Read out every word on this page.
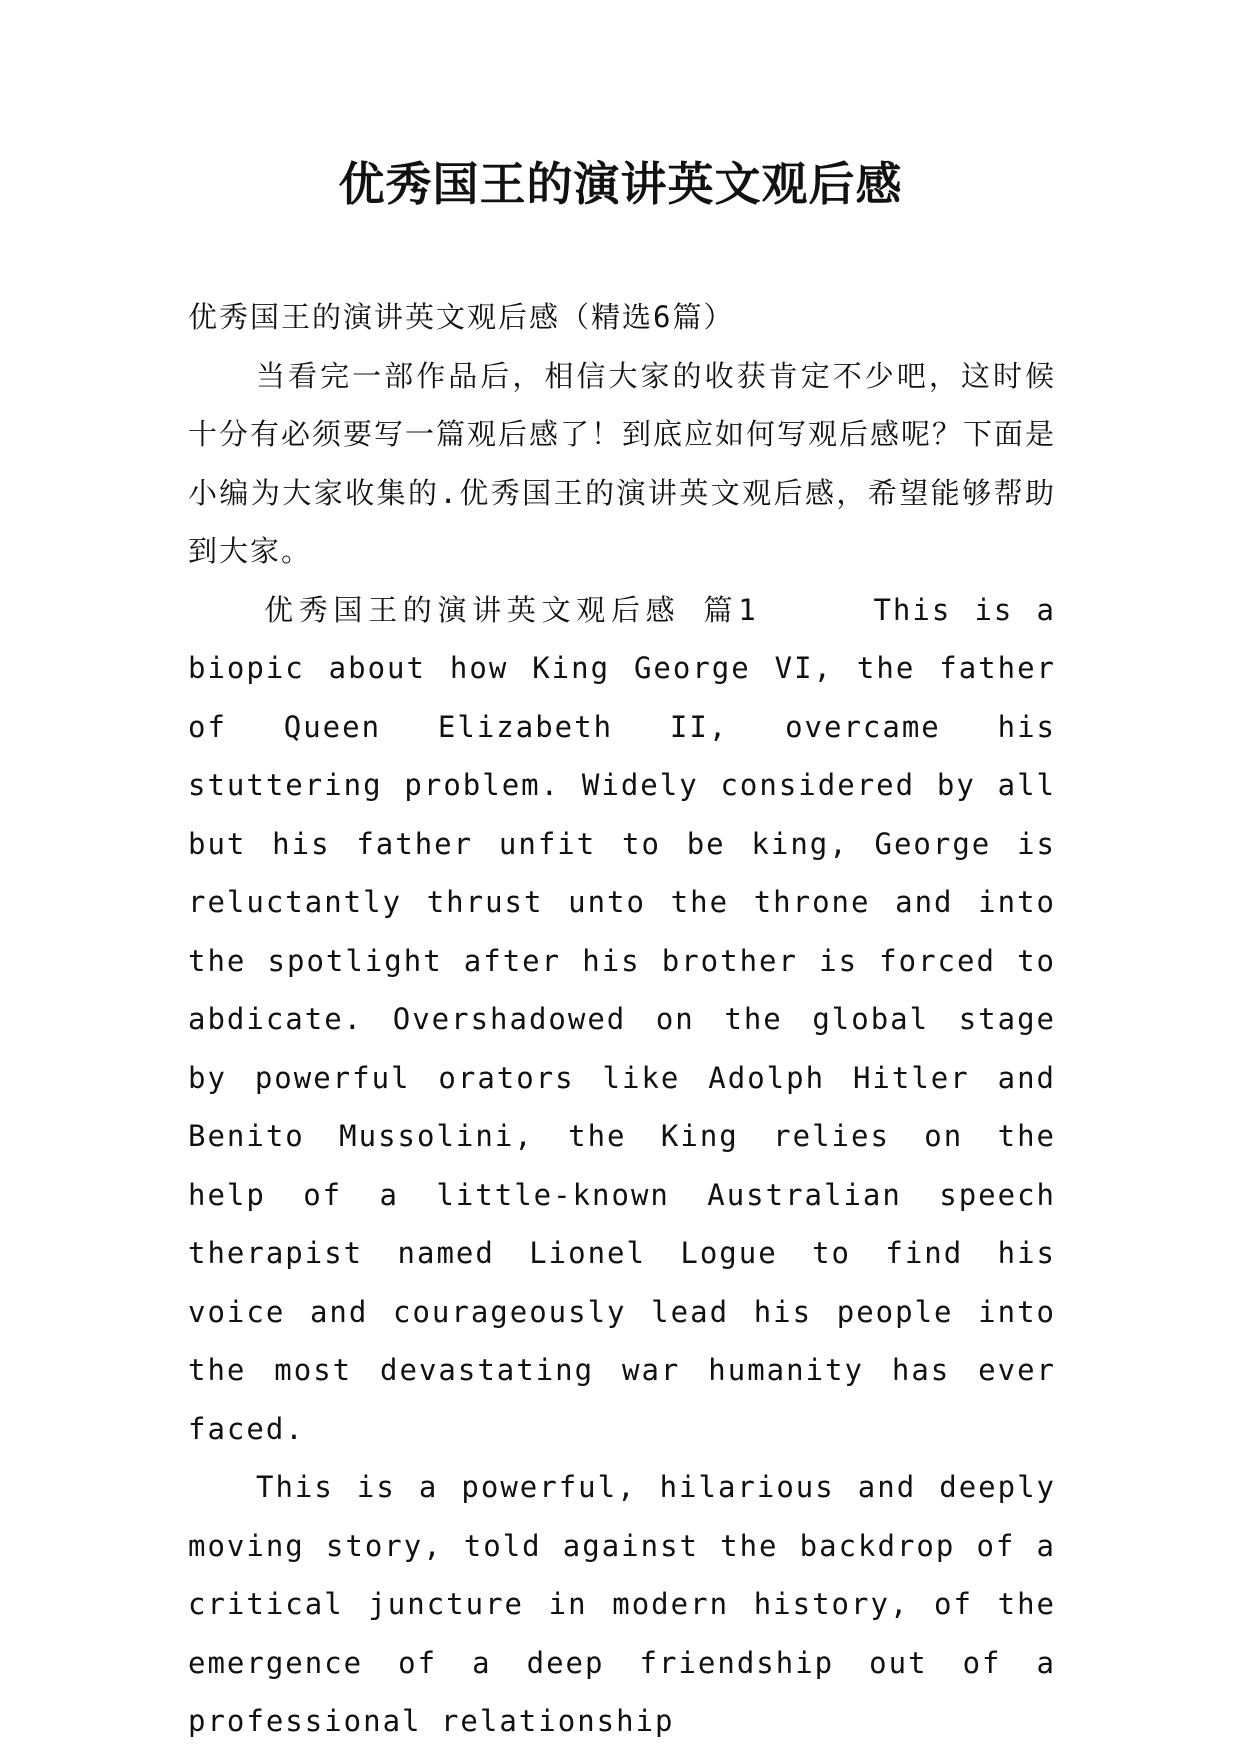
优秀国王的演讲英文观后感

优秀国王的演讲英文观后感（精选6篇）

当看完一部作品后，相信大家的收获肯定不少吧，这时候十分有必须要写一篇观后感了！到底应如何写观后感呢？下面是小编为大家收集的.优秀国王的演讲英文观后感，希望能够帮助到大家。

优秀国王的演讲英文观后感 篇1	This is a biopic about how King George VI, the father of Queen Elizabeth II, overcame his stuttering problem. Widely considered by all but his father unfit to be king, George is reluctantly thrust unto the throne and into the spotlight after his brother is forced to abdicate. Overshadowed on the global stage by powerful orators like Adolph Hitler and Benito Mussolini, the King relies on the help of a little-known Australian speech therapist named Lionel Logue to find his voice and courageously lead his people into the most devastating war humanity has ever faced.

This is a powerful, hilarious and deeply moving story, told against the backdrop of a critical juncture in modern history, of the emergence of a deep friendship out of a professional relationship
